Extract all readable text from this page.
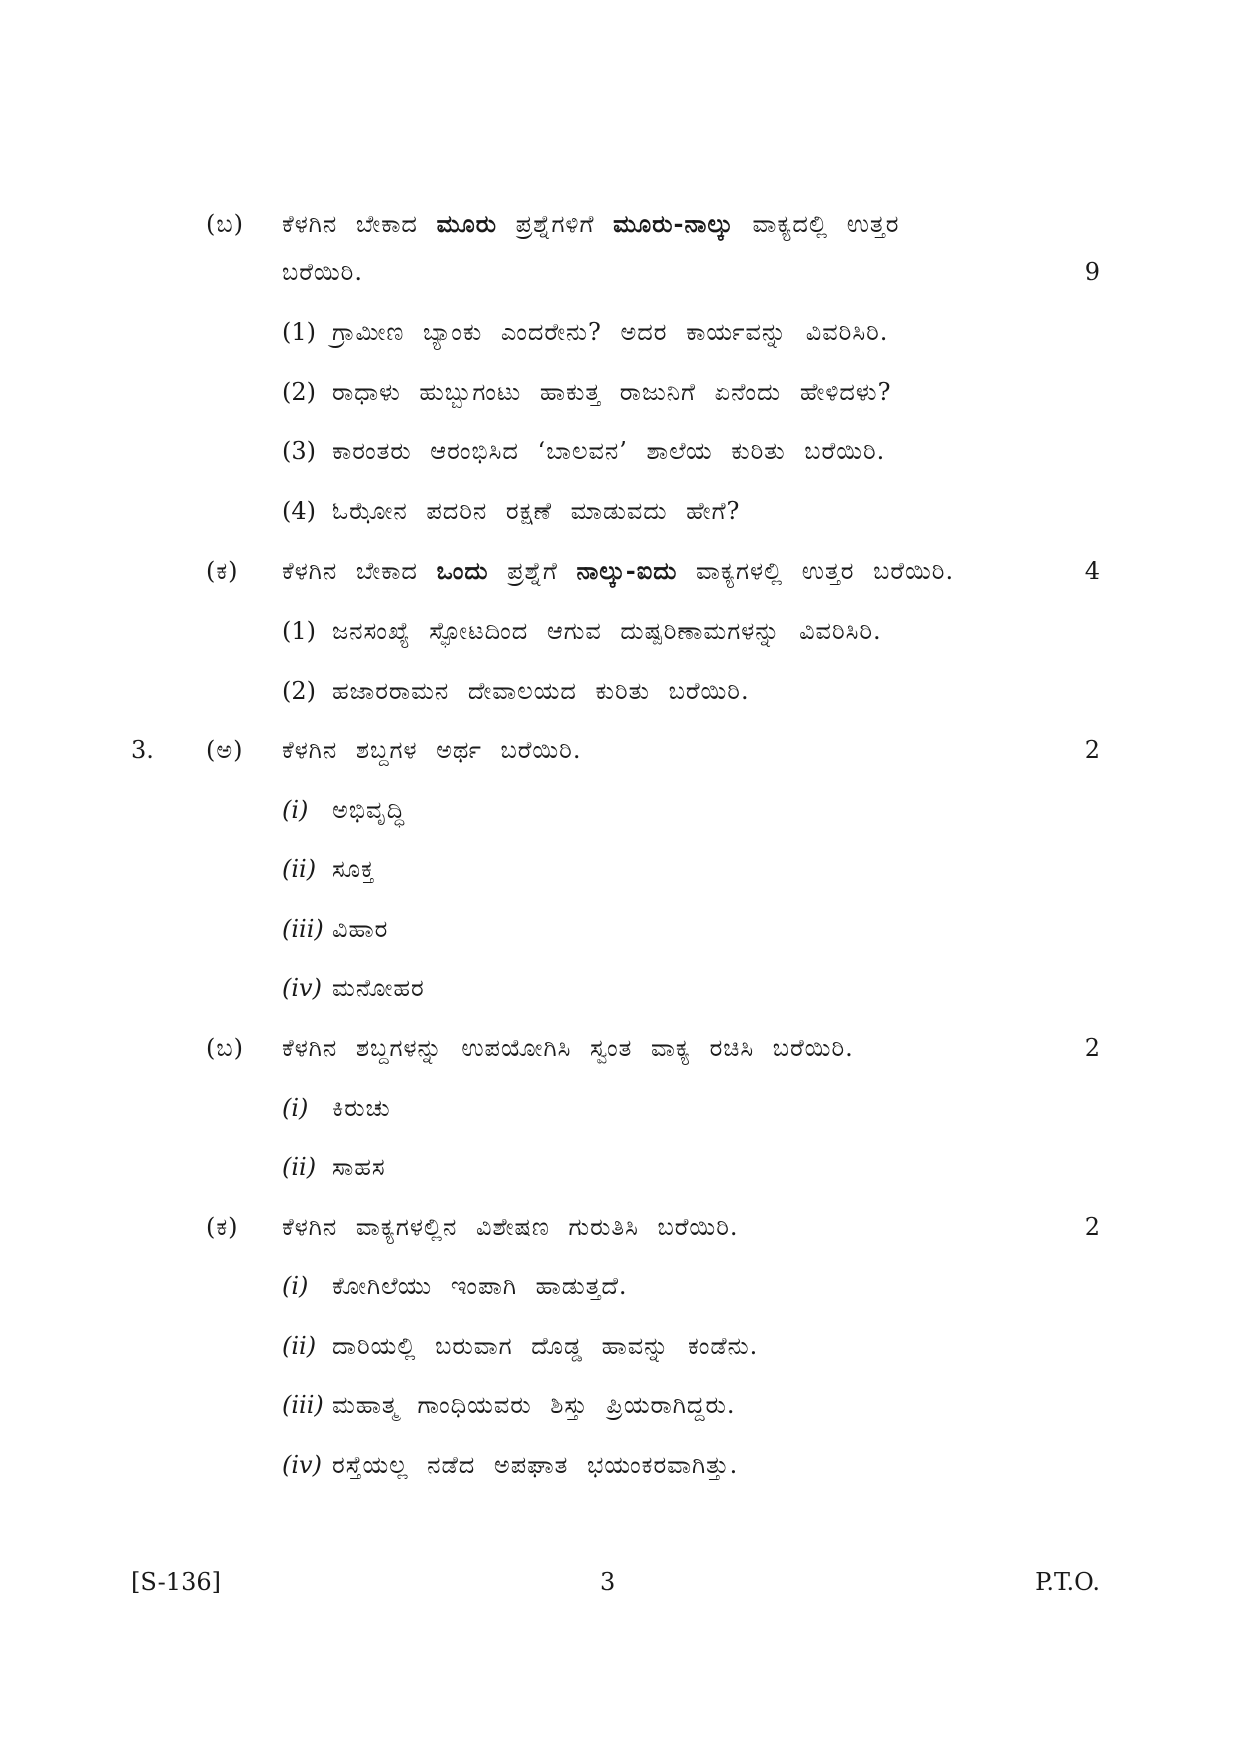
(ಬ) ಕೆಳಗಿನ ಬೇಕಾದ ಮೂರು ಪ್ರಶ್ನೆಗಳಿಗೆ ಮೂರು-ನಾಲ್ಕು ವಾಕ್ಯದಲ್ಲಿ ಉತ್ತರ
ಬರೆಯಿರಿ.	9
(1) ಗ್ರಾಮೀಣ ಬ್ಯಾಂಕು ಎಂದರೇನು? ಅದರ ಕಾರ್ಯವನ್ನು ವಿವರಿಸಿರಿ.
(2) ರಾಧಾಳು ಹುಬ್ಬುಗಂಟು ಹಾಕುತ್ತ ರಾಜುನಿಗೆ ಏನೆಂದು ಹೇಳಿದಳು?
(3) ಕಾರಂತರು ಆರಂಭಿಸಿದ ‘ಬಾಲವನ’ ಶಾಲೆಯ ಕುರಿತು ಬರೆಯಿರಿ.
(4) ಓಝೋನ ಪದರಿನ ರಕ್ಷಣೆ ಮಾಡುವದು ಹೇಗೆ?
(ಕ) ಕೆಳಗಿನ ಬೇಕಾದ ಒಂದು ಪ್ರಶ್ನೆಗೆ ನಾಲ್ಕು-ಐದು ವಾಕ್ಯಗಳಲ್ಲಿ ಉತ್ತರ ಬರೆಯಿರಿ.	4
(1) ಜನಸಂಖ್ಯೆ ಸ್ಫೋಟದಿಂದ ಆಗುವ ದುಷ್ಪರಿಣಾಮಗಳನ್ನು ವಿವರಿಸಿರಿ.
(2) ಹಜಾರರಾಮನ ದೇವಾಲಯದ ಕುರಿತು ಬರೆಯಿರಿ.
3. (ಅ) ಕೆಳಗಿನ ಶಬ್ದಗಳ ಅರ್ಥ ಬರೆಯಿರಿ.	2
(i) ಅಭಿವೃದ್ಧಿ
(ii) ಸೂಕ್ತ
(iii) ವಿಹಾರ
(iv) ಮನೋಹರ
(ಬ) ಕೆಳಗಿನ ಶಬ್ದಗಳನ್ನು ಉಪಯೋಗಿಸಿ ಸ್ವಂತ ವಾಕ್ಯ ರಚಿಸಿ ಬರೆಯಿರಿ.	2
(i) ಕಿರುಚು
(ii) ಸಾಹಸ
(ಕ) ಕೆಳಗಿನ ವಾಕ್ಯಗಳಲ್ಲಿನ ವಿಶೇಷಣ ಗುರುತಿಸಿ ಬರೆಯಿರಿ.	2
(i) ಕೋಗಿಲೆಯು ಇಂಪಾಗಿ ಹಾಡುತ್ತದೆ.
(ii) ದಾರಿಯಲ್ಲಿ ಬರುವಾಗ ದೊಡ್ಡ ಹಾವನ್ನು ಕಂಡೆನು.
(iii) ಮಹಾತ್ಮ ಗಾಂಧಿಯವರು ಶಿಸ್ತು ಪ್ರಿಯರಾಗಿದ್ದರು.
(iv) ರಸ್ತೆಯಲ್ಲ ನಡೆದ ಅಪಘಾತ ಭಯಂಕರವಾಗಿತ್ತು.
[S-136]	3	P.T.O.
